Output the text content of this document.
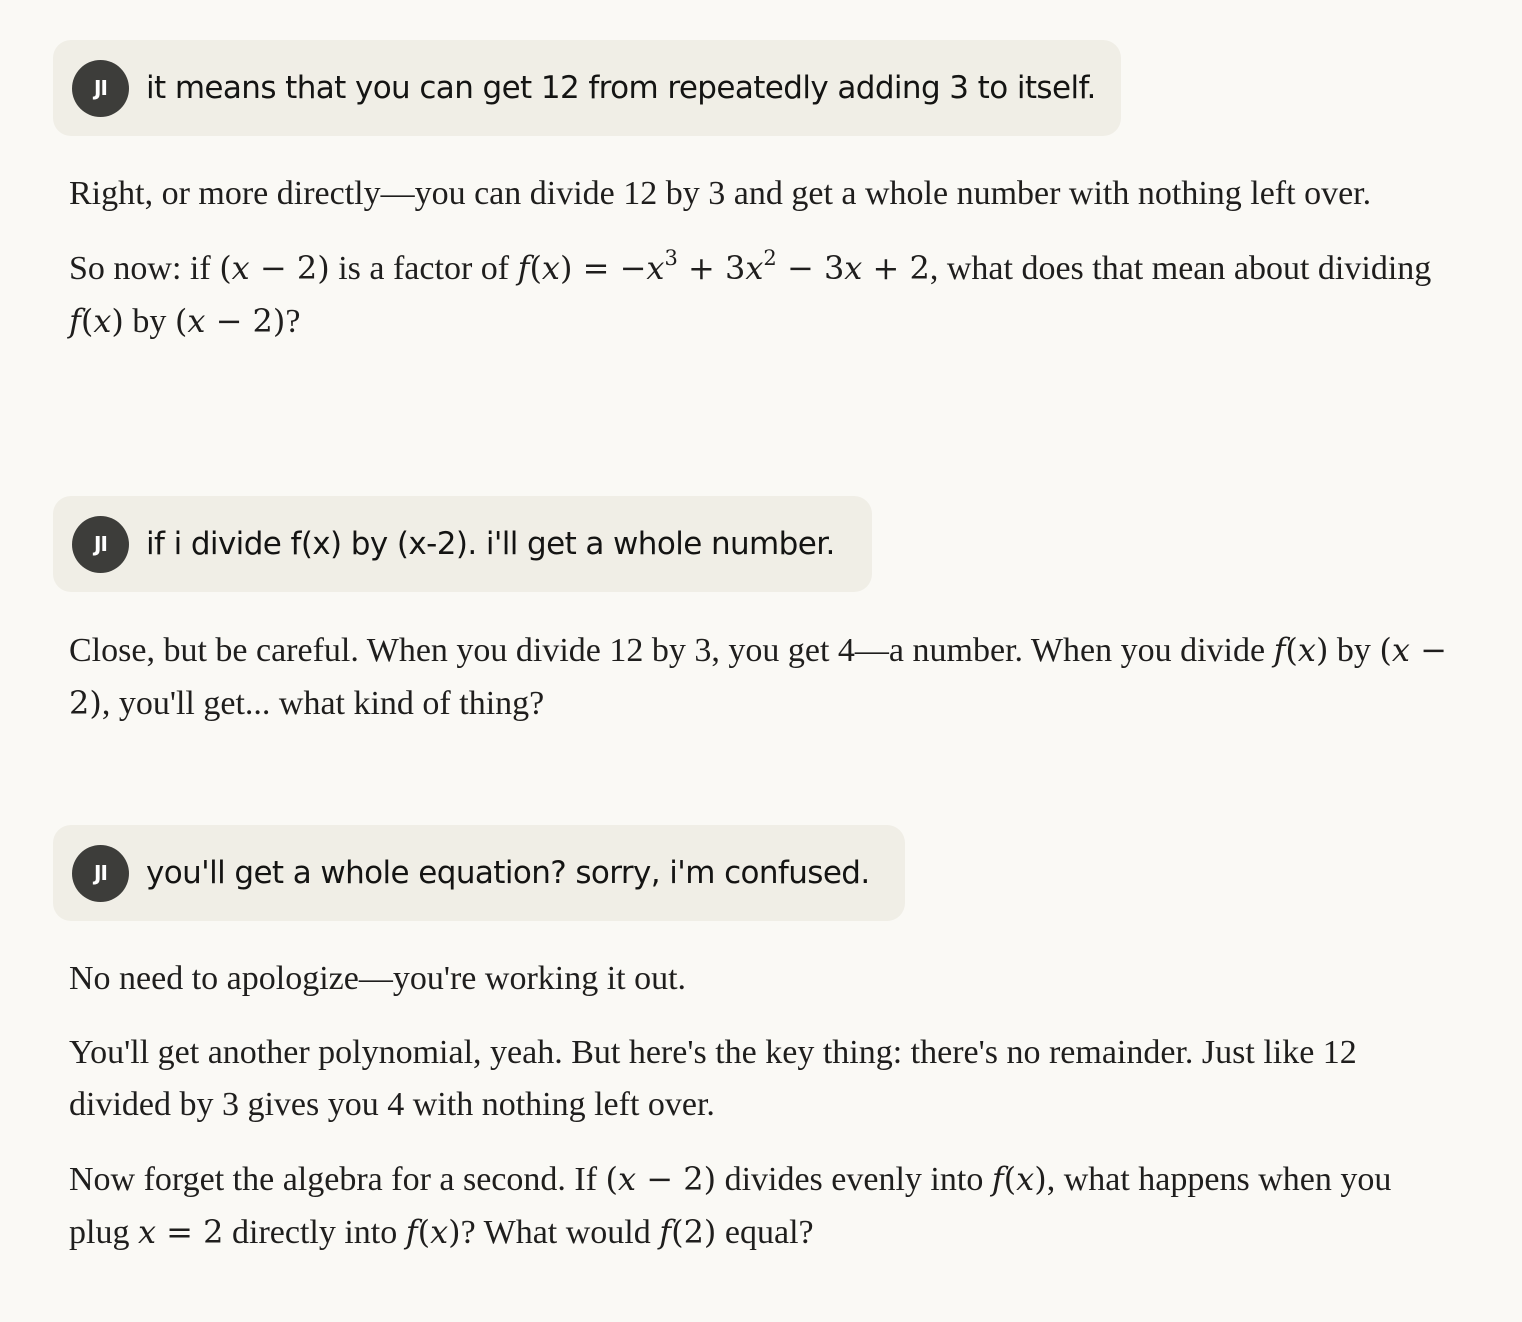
JI it means that you can get 12 from repeatedly adding 3 to itself.

Right, or more directly—you can divide 12 by 3 and get a whole number with nothing left over.

So now: if (x − 2) is a factor of $f(x) = -x^3 + 3x^2 - 3x + 2$, what does that mean about dividing f(x) by (x − 2)?

JI if i divide f(x) by (x-2). i'll get a whole number.

Close, but be careful. When you divide 12 by 3, you get 4—a number. When you divide f(x) by (x − 2), you'll get... what kind of thing?

JI you'll get a whole equation? sorry, i'm confused.

No need to apologize—you're working it out.

You'll get another polynomial, yeah. But here's the key thing: there's no remainder. Just like 12 divided by 3 gives you 4 with nothing left over.

Now forget the algebra for a second. If (x − 2) divides evenly into f(x), what happens when you plug x = 2 directly into f(x)? What would f(2) equal?
